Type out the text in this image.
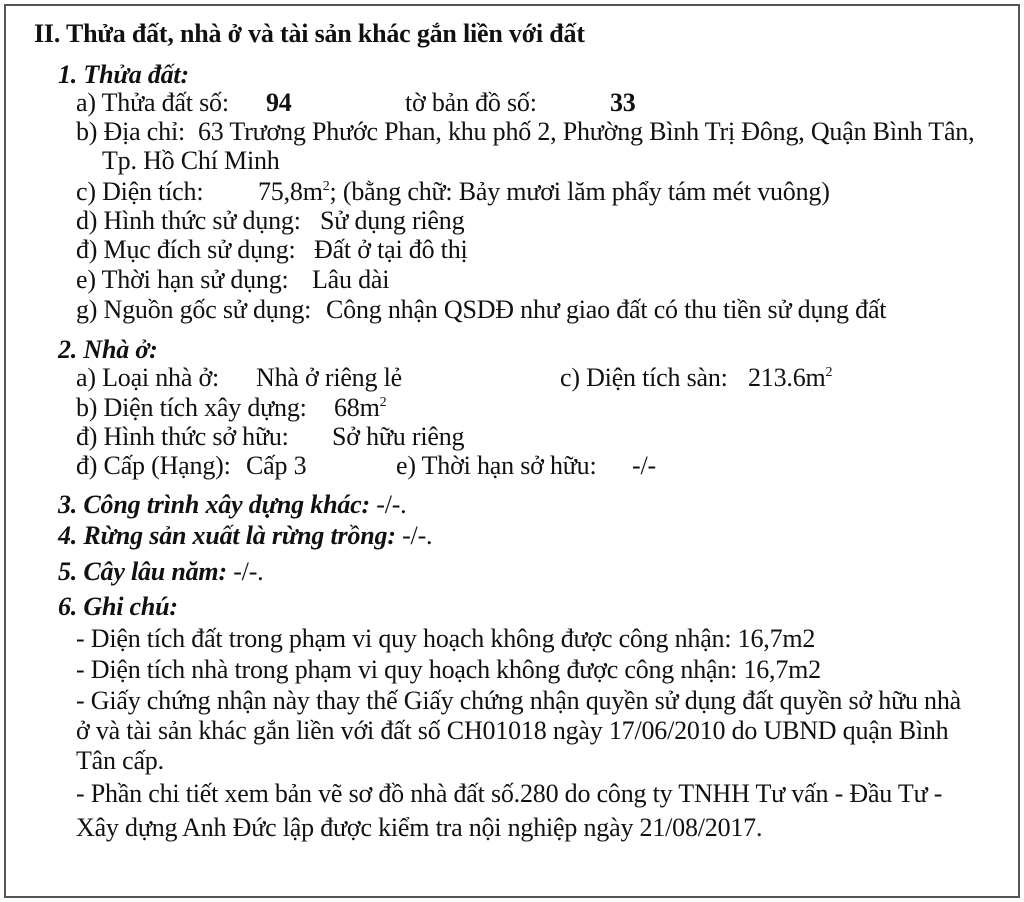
II. Thửa đất, nhà ở và tài sản khác gắn liền với đất
1. Thửa đất:
a) Thửa đất số: 94	tờ bản đồ số:	33
b) Địa chỉ: 63 Trương Phước Phan, khu phố 2, Phường Bình Trị Đông, Quận Bình Tân,
Tp. Hồ Chí Minh
c) Diện tích: $75,8m^2$; (bằng chữ: Bảy mươi lăm phẩy tám mét vuông)
d) Hình thức sử dụng: Sử dụng riêng
đ) Mục đích sử dụng: Đất ở tại đô thị
e) Thời hạn sử dụng: Lâu dài
g) Nguồn gốc sử dụng: Công nhận QSDĐ như giao đất có thu tiền sử dụng đất
2. Nhà ở:
a) Loại nhà ở: Nhà ở riêng lẻ	c) Diện tích sàn: $213.6m^2$
b) Diện tích xây dựng: $68m^2$
đ) Hình thức sở hữu: Sở hữu riêng
đ) Cấp (Hạng): Cấp 3	e) Thời hạn sở hữu: -/-
3. Công trình xây dựng khác: -/-.
4. Rừng sản xuất là rừng trồng: -/-.
5. Cây lâu năm: -/-.
6. Ghi chú:
- Diện tích đất trong phạm vi quy hoạch không được công nhận: 16,7m2
- Diện tích nhà trong phạm vi quy hoạch không được công nhận: 16,7m2
- Giấy chứng nhận này thay thế Giấy chứng nhận quyền sử dụng đất quyền sở hữu nhà
ở và tài sản khác gắn liền với đất số CH01018 ngày 17/06/2010 do UBND quận Bình
Tân cấp.
- Phần chi tiết xem bản vẽ sơ đồ nhà đất số.280 do công ty TNHH Tư vấn - Đầu Tư -
Xây dựng Anh Đức lập được kiểm tra nội nghiệp ngày 21/08/2017.
